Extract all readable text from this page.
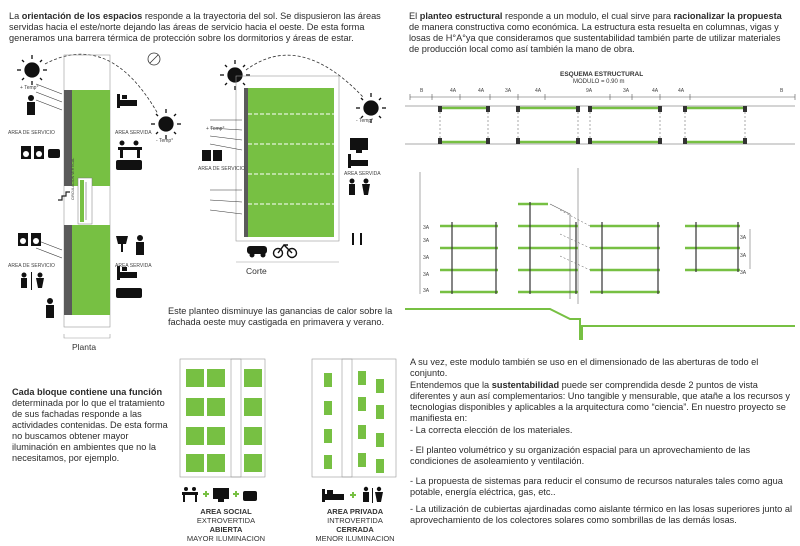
La orientación de los espacios responde a la trayectoria del sol. Se dispusieron las áreas servidas hacia el este/norte dejando las áreas de servicio hacia el oeste. De esta forma generamos una barrera térmica de protección sobre los dormitorios y áreas de estar.
+ Temp°
AREA DE SERVICIO	AREA SERVIDA
AREA DE SERVICIO	AREA SERVIDA
- Temp°
CIRCULACION VERTICAL
Planta
+ Temp°
- Temp°
AREA DE SERVICIO
AREA SERVIDA
Corte
Este planteo disminuye las ganancias de calor sobre la fachada oeste muy castigada en primavera y verano.
Cada bloque contiene una función
determinada por lo que el tratamiento de sus fachadas responde a las actividades contenidas. De esta forma no buscamos obtener mayor iluminación en ambientes que no la necesitamos, por ejemplo.
AREA SOCIAL
EXTROVERTIDA
ABIERTA
MAYOR ILUMINACION
AREA PRIVADA
INTROVERTIDA
CERRADA
MENOR ILUMINACION
El planteo estructural responde a un modulo, el cual sirve para racionalizar la propuesta de manera constructiva como económica. La estructura esta resuelta en columnas, vigas y losas de H°A°ya que consideramos que sustentabilidad también parte de utilizar materiales de producción local como así también la mano de obra.
ESQUEMA ESTRUCTURAL
MODULO = 0.90 m
B	4A	4A	3A	4A	9A	3A	4A	4A	B
3A
3A
3A
3A
3A
3A
3A
3A
A su vez, este modulo también se uso en el dimensionado de las aberturas de todo el conjunto.
Entendemos que la sustentabilidad puede ser comprendida desde 2 puntos de vista diferentes y aun así complementarios: Uno tangible y mensurable, que atañe a los recursos y tecnologias disponibles y aplicables a la arquitectura como “ciencia”. En nuestro proyecto se manifiesta en:
- La correcta elección de los materiales.
- El planteo volumétrico y su organización espacial para un aprovechamiento de las condiciones de asoleamiento y ventilación.
- La propuesta de sistemas para reducir el consumo de recursos naturales tales como agua potable, energía eléctrica, gas, etc..
- La utilización de cubiertas ajardinadas como aislante térmico en las losas superiores junto al aprovechamiento de los colectores solares como sombrillas de las demás losas.
